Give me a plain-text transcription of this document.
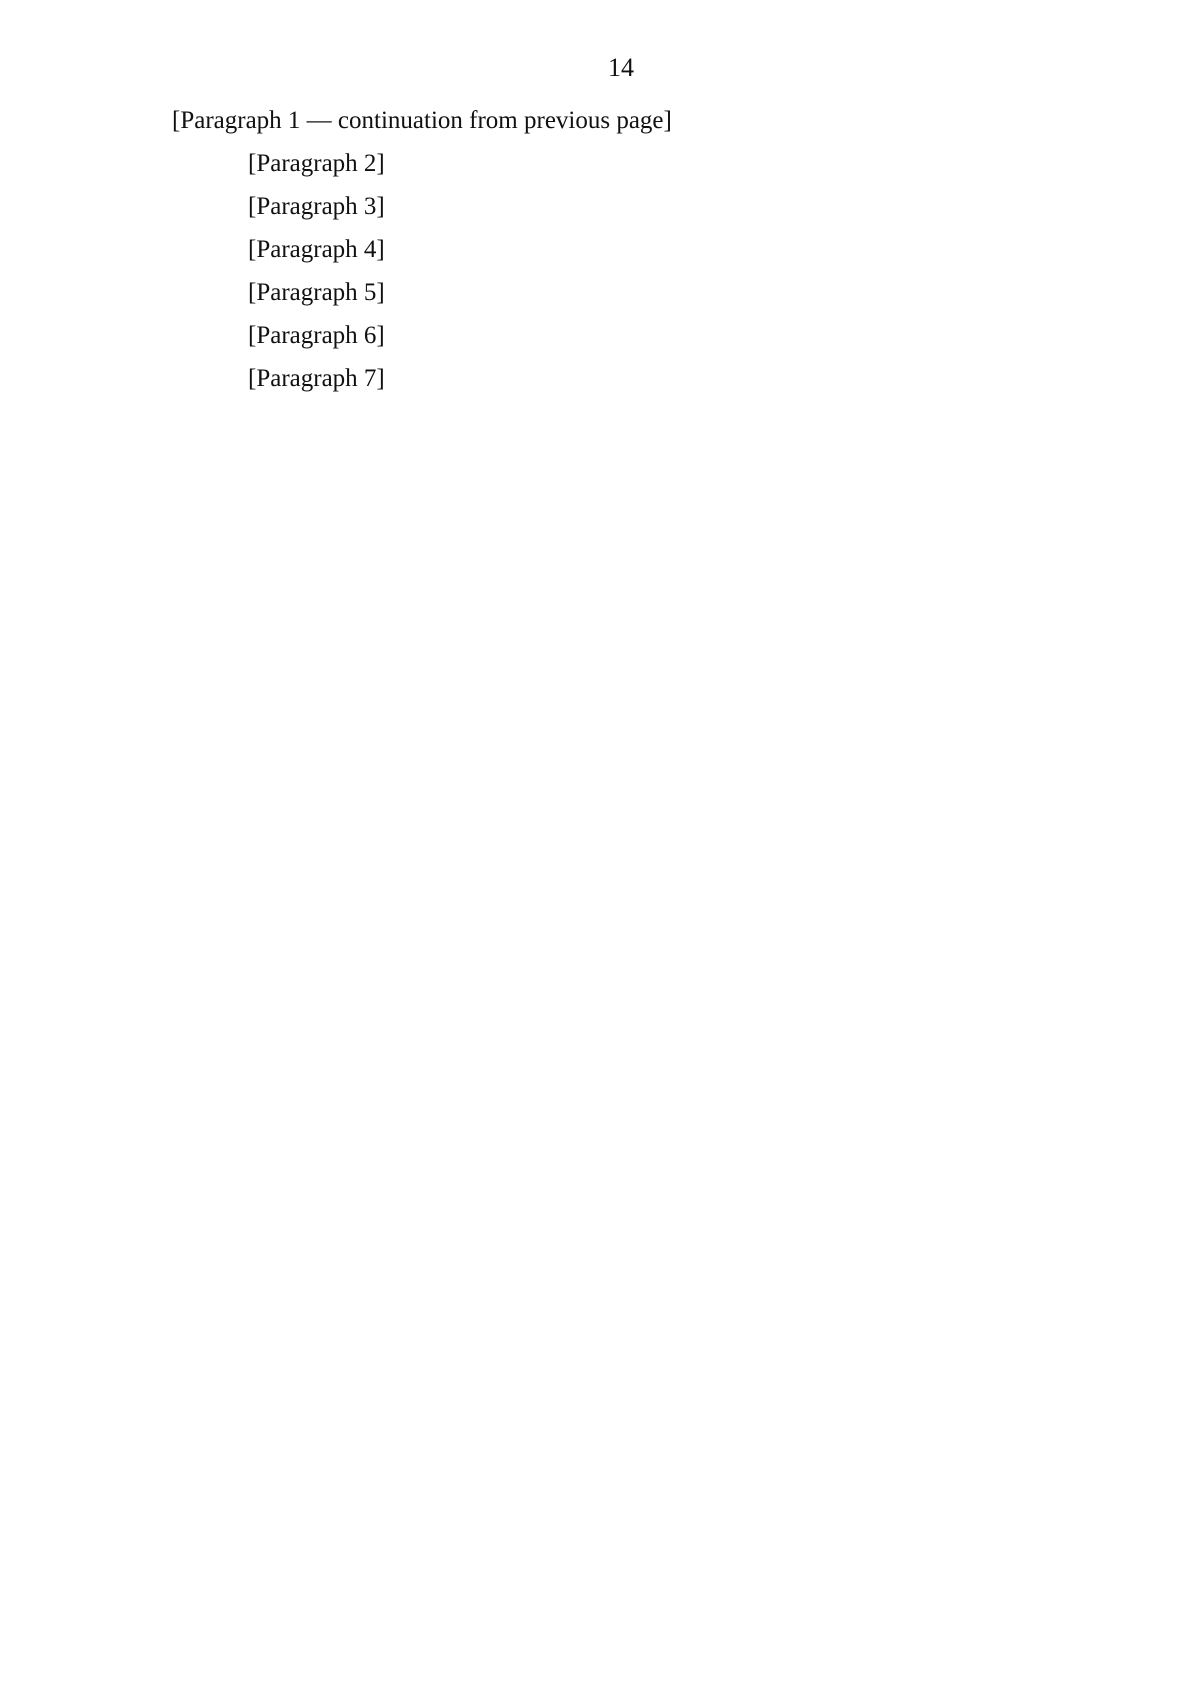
14

[Paragraph 1 — continuation from previous page]

[Paragraph 2]

[Paragraph 3]

[Paragraph 4]

[Paragraph 5]

[Paragraph 6]

[Paragraph 7]
